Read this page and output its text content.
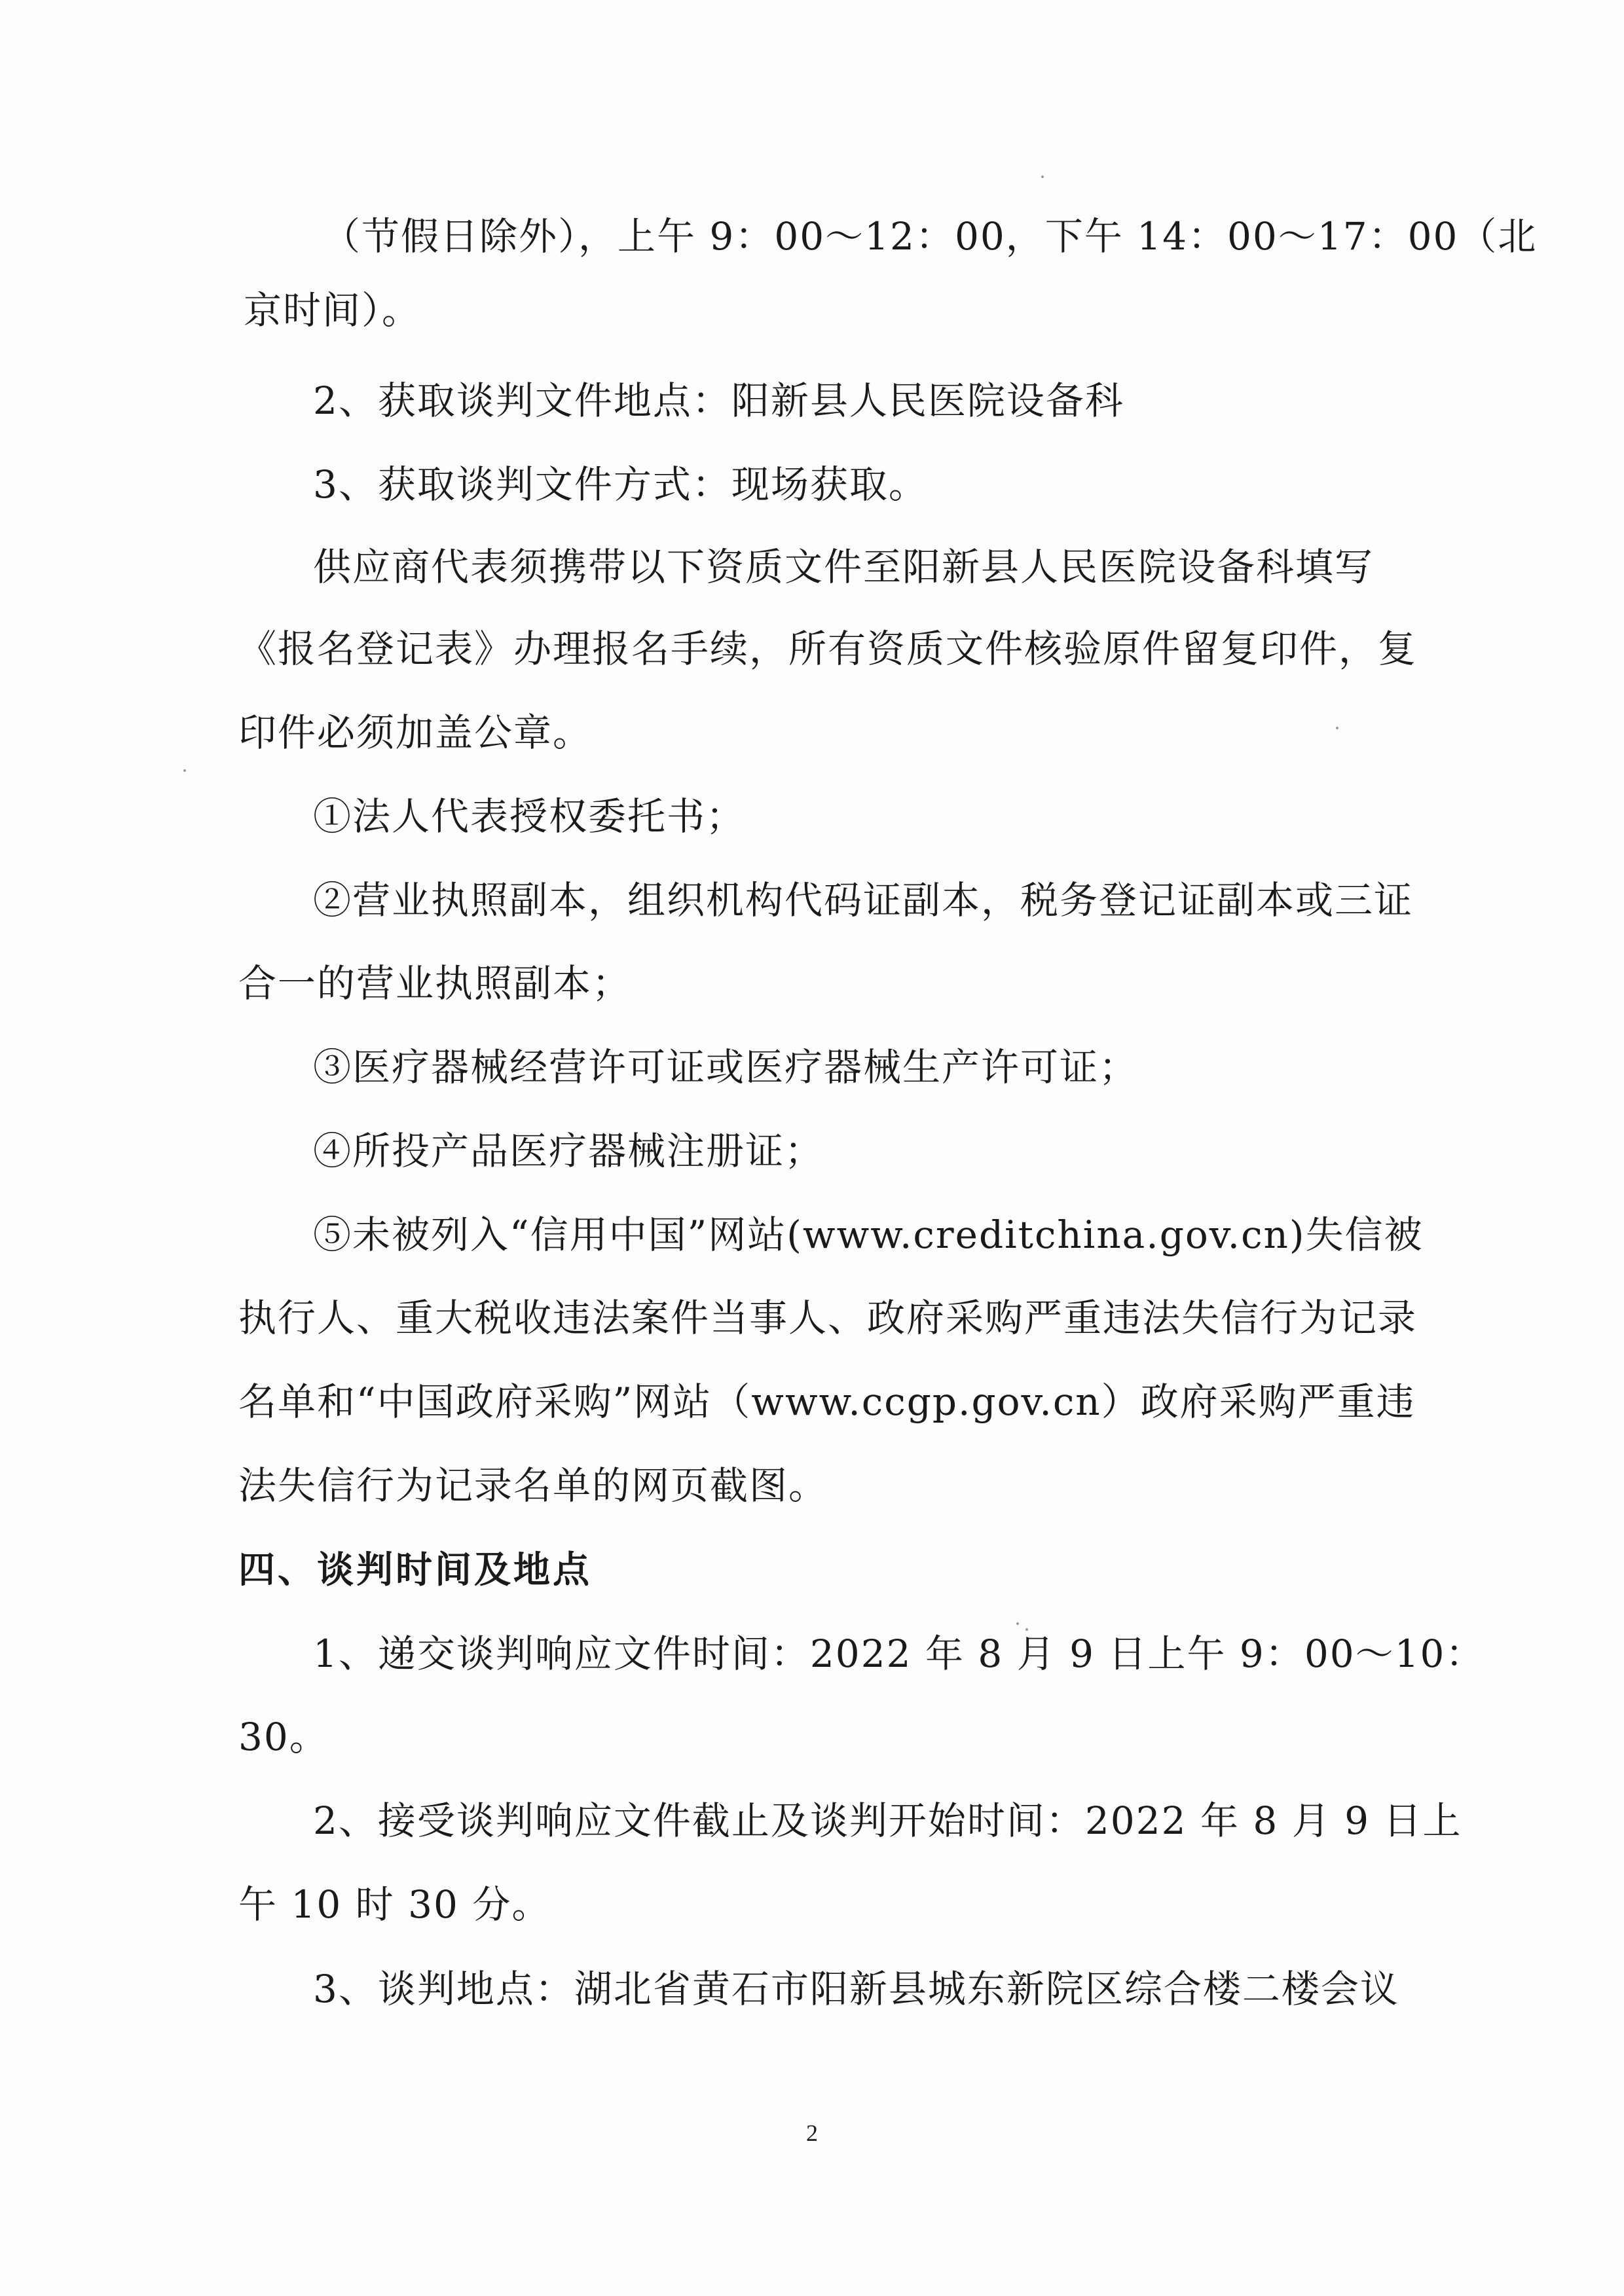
（节假日除外），上午 9：00～12：00，下午 14：00～17：00（北
京时间）。
2、获取谈判文件地点：阳新县人民医院设备科
3、获取谈判文件方式：现场获取。
供应商代表须携带以下资质文件至阳新县人民医院设备科填写
《报名登记表》办理报名手续，所有资质文件核验原件留复印件，复
印件必须加盖公章。
①法人代表授权委托书；
②营业执照副本，组织机构代码证副本，税务登记证副本或三证
合一的营业执照副本；
③医疗器械经营许可证或医疗器械生产许可证；
④所投产品医疗器械注册证；
⑤未被列入“信用中国”网站(www.creditchina.gov.cn)失信被
执行人、重大税收违法案件当事人、政府采购严重违法失信行为记录
名单和“中国政府采购”网站（www.ccgp.gov.cn）政府采购严重违
法失信行为记录名单的网页截图。
四、谈判时间及地点
1、递交谈判响应文件时间：2022 年 8 月 9 日上午 9：00～10：
30。
2、接受谈判响应文件截止及谈判开始时间：2022 年 8 月 9 日上
午 10 时 30 分。
3、谈判地点：湖北省黄石市阳新县城东新院区综合楼二楼会议
2
